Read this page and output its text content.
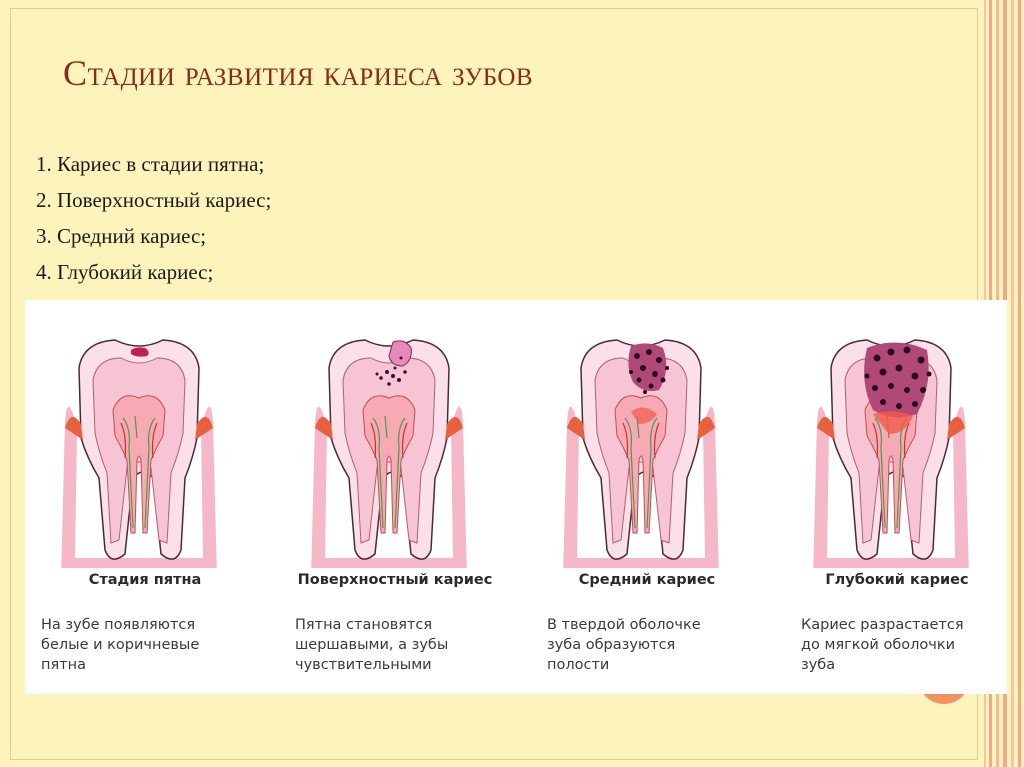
Стадии развития кариеса зубов
1. Кариес в стадии пятна;
2. Поверхностный кариес;
3. Средний кариес;
4. Глубокий кариес;
Стадия пятна
На зубе появляются
белые и коричневые
пятна
Поверхностный кариес
Пятна становятся
шершавыми, а зубы
чувствительными
Средний кариес
В твердой оболочке
зуба образуются
полости
Глубокий кариес
Кариес разрастается
до мягкой оболочки
зуба
